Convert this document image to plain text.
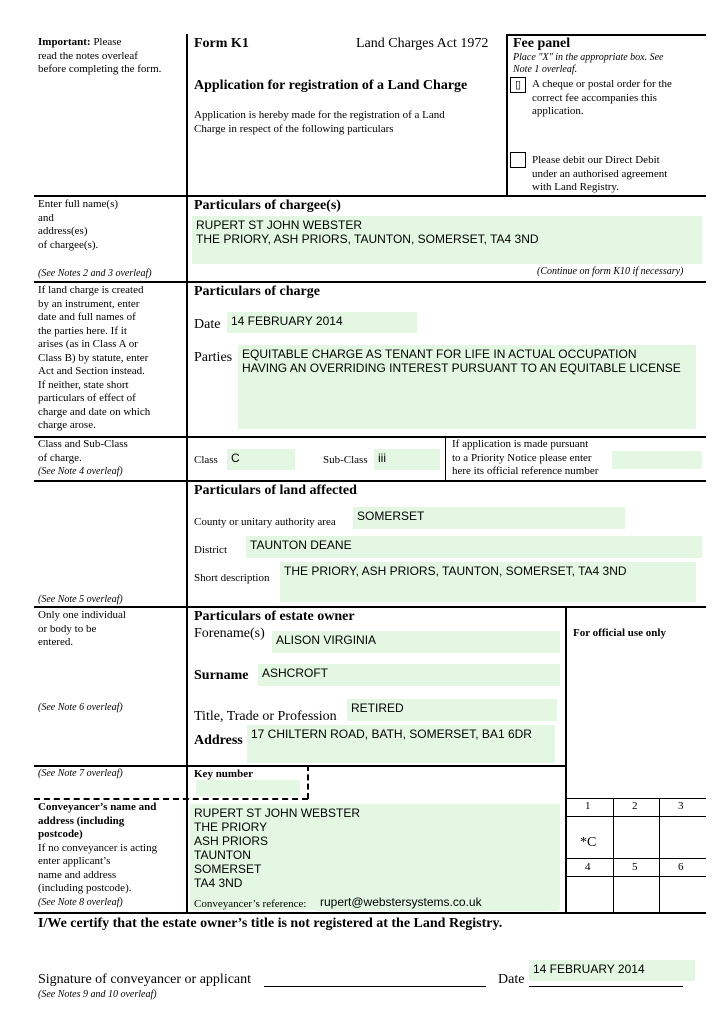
Important: Please
read the notes overleaf
before completing the form.
Form K1	Land Charges Act 1972
Application for registration of a Land Charge
Application is hereby made for the registration of a Land
Charge in respect of the following particulars
Fee panel
Place "X" in the appropriate box. See
Note 1 overleaf.
▯ A cheque or postal order for the
correct fee accompanies this
application.
Please debit our Direct Debit
under an authorised agreement
with Land Registry.
Enter full name(s)
and
address(es)
of chargee(s).
(See Notes 2 and 3 overleaf)
Particulars of chargee(s)
RUPERT ST JOHN WEBSTER
THE PRIORY, ASH PRIORS, TAUNTON, SOMERSET, TA4 3ND
(Continue on form K10 if necessary)
If land charge is created
by an instrument, enter
date and full names of
the parties here. If it
arises (as in Class A or
Class B) by statute, enter
Act and Section instead.
If neither, state short
particulars of effect of
charge and date on which
charge arose.
Particulars of charge
Date 14 FEBRUARY 2014
Parties EQUITABLE CHARGE AS TENANT FOR LIFE IN ACTUAL OCCUPATION
HAVING AN OVERRIDING INTEREST PURSUANT TO AN EQUITABLE LICENSE
Class and Sub-Class
of charge.
(See Note 4 overleaf)
Class	C	Sub-Class iii
If application is made pursuant
to a Priority Notice please enter
here its official reference number
Particulars of land affected
County or unitary authority area	SOMERSET
District	TAUNTON DEANE
Short description	THE PRIORY, ASH PRIORS, TAUNTON, SOMERSET, TA4 3ND
(See Note 5 overleaf)
Only one individual
or body to be
entered.
(See Note 6 overleaf)
Particulars of estate owner
Forename(s) ALISON VIRGINIA
Surname	ASHCROFT
Title, Trade or Profession
RETIRED
Address 17 CHILTERN ROAD, BATH, SOMERSET, BA1 6DR
For official use only
(See Note 7 overleaf)	Key number
Conveyancer’s name and
address (including
postcode)
If no conveyancer is acting
enter applicant’s
name and address
(including postcode).
(See Note 8 overleaf)
RUPERT ST JOHN WEBSTER
THE PRIORY
ASH PRIORS
TAUNTON
SOMERSET
TA4 3ND
Conveyancer’s reference:	rupert@webstersystems.co.uk
1	2	3
*C
4	5	6
I/We certify that the estate owner’s title is not registered at the Land Registry.
Signature of conveyancer or applicant	Date
14 FEBRUARY 2014
(See Notes 9 and 10 overleaf)
